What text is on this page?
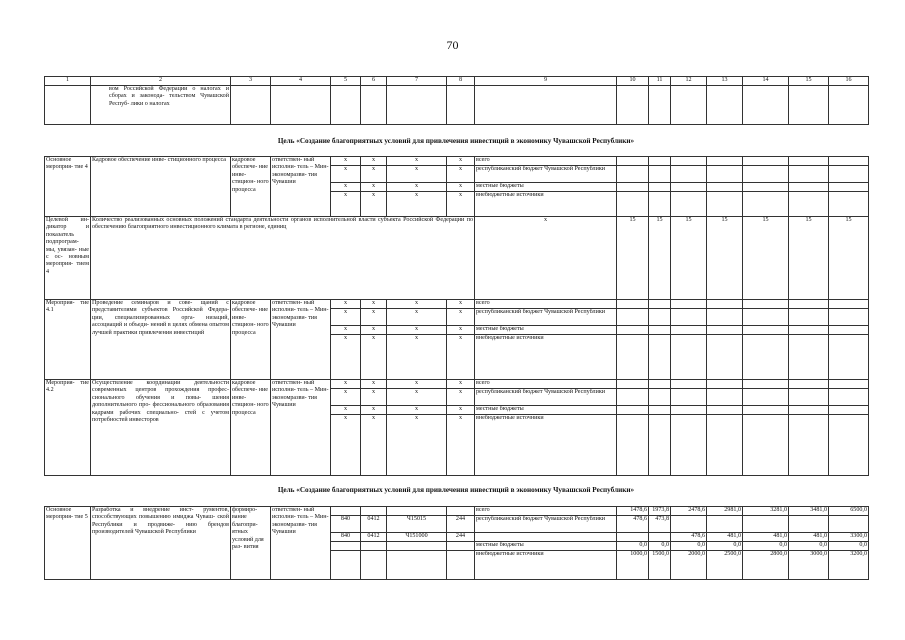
70
1	2	3	4	5	6	7	8	9	10	11	12	13	14	15	16
	вом Российской Федерации о налогах и сборах и законода- тельством Чувашской Респуб- лики о налогах														
Цель «Создание благоприятных условий для привлечения инвестиций в экономику Чувашской Республики»
Основное мероприя- тие 4	Кадровое обеспечение инве- стиционного процесса	кадровое обеспече- ние инве- стицион- ного процесса	ответствен- ный исполни- тель – Мин- экономразви- тия Чувашии	x	x	x	x	всего							
				x	x	x	x	республиканский бюджет Чувашской Республики							
				x	x	x	x	местные бюджеты							
				x	x	x	x	внебюджетные источники							
Целевой ин- дикатор и показатель подпрограм- мы, увязан- ные с ос- новным мероприя- тием 4	Количество реализованных основных положений стандарта деятельности органов исполнительной власти субъекта Российской Федерации по обеспечению благоприятного инвестиционного климата в регионе, единиц							x	15	15	15	15	15	15	15
Мероприя- тие 4.1	Проведение семинаров и сове- щаний с представителями субъектов Российской Федера- ции, специализированных орга- низаций, ассоциаций и объеди- нений в целях обмена опытом лучшей практики привлечения инвестиций	кадровое обеспече- ние инве- стицион- ного процесса	ответствен- ный исполни- тель – Мин- экономразви- тия Чувашии	x	x	x	x	всего							
				x	x	x	x	республиканский бюджет Чувашской Республики							
				x	x	x	x	местные бюджеты							
				x	x	x	x	внебюджетные источники							
Мероприя- тие 4.2	Осуществление координации деятельности современных центров прохождения профес- сионального обучения и повы- шения дополнительного про- фессионального образования кадрами рабочих специально- стей с учетом потребностей инвесторов	кадровое обеспече- ние инве- стицион- ного процесса	ответствен- ный исполни- тель – Мин- экономразви- тия Чувашии	x	x	x	x	всего							
				x	x	x	x	республиканский бюджет Чувашской Республики							
				x	x	x	x	местные бюджеты							
				x	x	x	x	внебюджетные источники							
Цель «Создание благоприятных условий для привлечения инвестиций в экономику Чувашской Республики»
Основное мероприя- тие 5	Разработка и внедрение инст- рументов, способствующих повышению имиджа Чуваш- ской Республики и продвиже- нию брендов производителей Чувашской Республики	формиро- вание благопри- ятных условий для раз- вития	ответствен- ный исполни- тель – Мин- экономразви- тия Чувашии					всего	1478,6	1973,8	2478,6	2981,0	3281,0	3481,0	6500,0
				840	0412	Ч15015	244	республиканский бюджет Чувашской Республики	478,6	473,8					
				840	0412	Ч151000	244				478,6	481,0	481,0	481,0	3300,0
								местные бюджеты	0,0	0,0	0,0	0,0	0,0	0,0	0,0
								внебюджетные источники	1000,0	1500,0	2000,0	2500,0	2800,0	3000,0	3200,0
